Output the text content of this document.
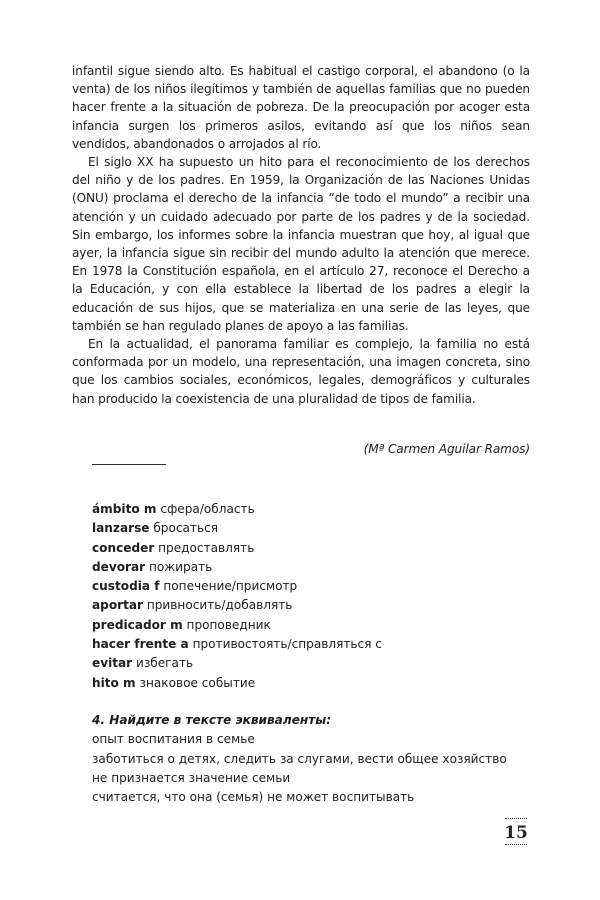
infantil sigue siendo alto. Es habitual el castigo corporal, el abandono (o la venta) de los niños ilegítimos y también de aquellas familias que no pueden hacer frente a la situación de pobreza. De la preocupación por acoger esta infancia surgen los primeros asilos, evitando así que los niños sean vendidos, abandonados o arrojados al río.

El siglo XX ha supuesto un hito para el reconocimiento de los derechos del niño y de los padres. En 1959, la Organización de las Naciones Unidas (ONU) proclama el derecho de la infancia “de todo el mundo” a recibir una atención y un cuidado adecuado por parte de los padres y de la sociedad. Sin embargo, los informes sobre la infancia muestran que hoy, al igual que ayer, la infancia sigue sin recibir del mundo adulto la atención que merece. En 1978 la Constitución española, en el artículo 27, reconoce el Derecho a la Educación, y con ella establece la libertad de los padres a elegir la educación de sus hijos, que se materializa en una serie de las leyes, que también se han regulado planes de apoyo a las familias.

En la actualidad, el panorama familiar es complejo, la familia no está conformada por un modelo, una representación, una imagen concreta, sino que los cambios sociales, económicos, legales, demográficos y culturales han producido la coexistencia de una pluralidad de tipos de familia.

(Mª Carmen Aguilar Ramos)
ámbito m сфера/область
lanzarse бросаться
conceder предоставлять
devorar пожирать
custodia f попечение/присмотр
aportar привносить/добавлять
predicador m проповедник
hacer frente a противостоять/справляться с
evitar избегать
hito m знаковое событие
4. Найдите в тексте эквиваленты:
опыт воспитания в семье
заботиться о детях, следить за слугами, вести общее хозяйство
не признается значение семьи
считается, что она (семья) не может воспитывать
15
